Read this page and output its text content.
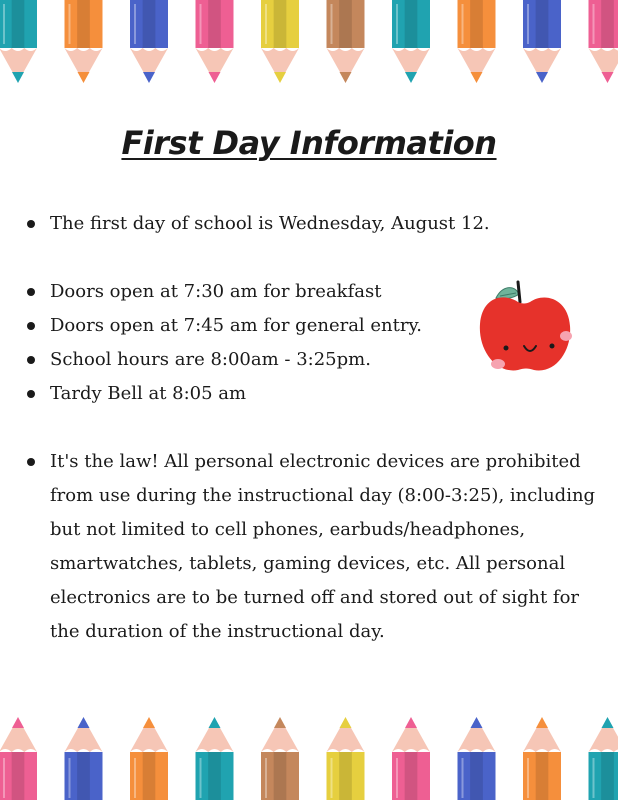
First Day Information
The first day of school is Wednesday, August 12.
Doors open at 7:30 am for breakfast
Doors open at 7:45 am for general entry.
School hours are 8:00am - 3:25pm.
Tardy Bell at 8:05 am
It's the law! All personal electronic devices are prohibited from use during the instructional day (8:00-3:25), including but not limited to cell phones, earbuds/headphones, smartwatches, tablets, gaming devices, etc. All personal electronics are to be turned off and stored out of sight for the duration of the instructional day.
